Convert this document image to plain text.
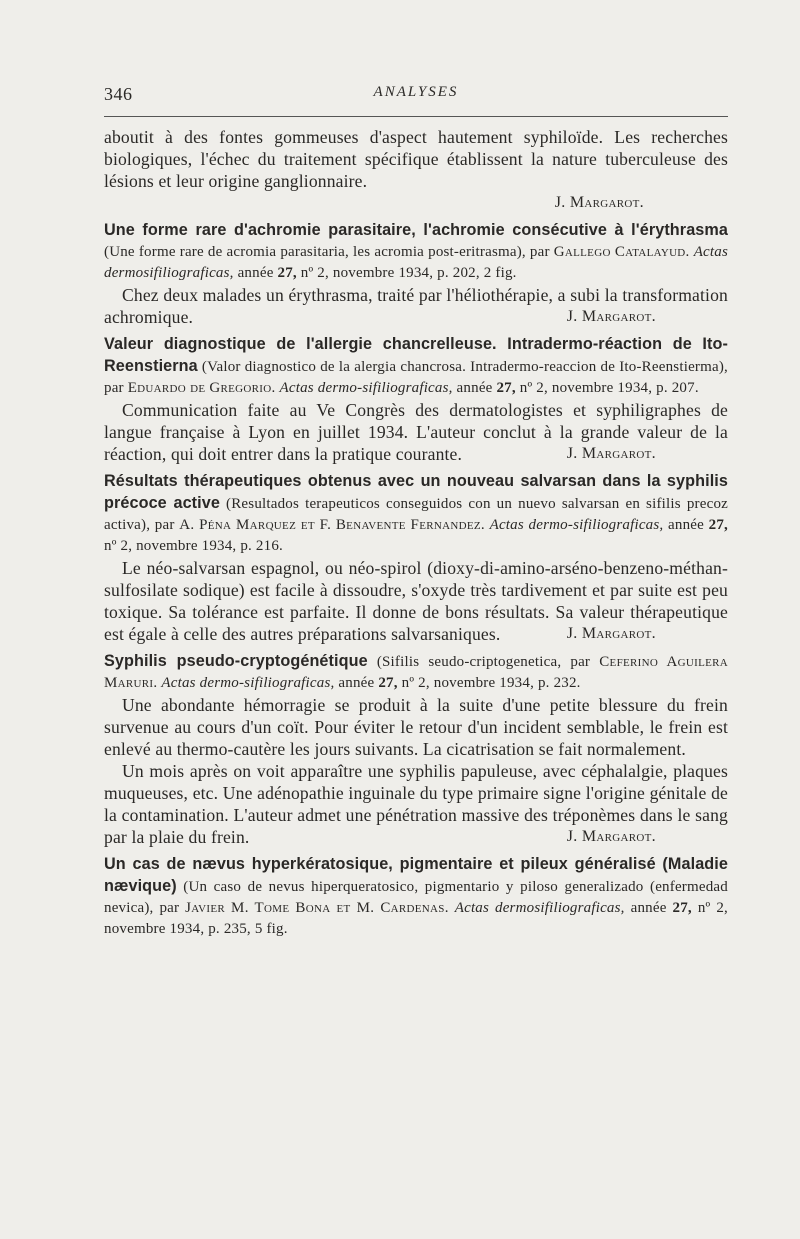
346	ANALYSES

aboutit à des fontes gommeuses d'aspect hautement syphiloïde. Les recherches biologiques, l'échec du traitement spécifique établissent la nature tuberculeuse des lésions et leur origine ganglionnaire.

J. Margarot.

Une forme rare d'achromie parasitaire, l'achromie consécutive à l'érythrasma (Une forme rare de acromia parasitaria, les acromia post-eritrasma), par Gallego Catalayud. Actas dermosifiliograficas, année 27, nº 2, novembre 1934, p. 202, 2 fig.

Chez deux malades un érythrasma, traité par l'héliothérapie, a subi la transformation achromique.	J. Margarot.

Valeur diagnostique de l'allergie chancrelleuse. Intradermo-réaction de Ito-Reenstierna (Valor diagnostico de la alergia chancrosa. Intradermo-reaccion de Ito-Reenstierma), par Eduardo de Gregorio. Actas dermo-sifiliograficas, année 27, nº 2, novembre 1934, p. 207.

Communication faite au Ve Congrès des dermatologistes et syphiligraphes de langue française à Lyon en juillet 1934. L'auteur conclut à la grande valeur de la réaction, qui doit entrer dans la pratique courante.	J. Margarot.

Résultats thérapeutiques obtenus avec un nouveau salvarsan dans la syphilis précoce active (Resultados terapeuticos conseguidos con un nuevo salvarsan en sifilis precoz activa), par A. Péna Marquez et F. Benavente Fernandez. Actas dermo-sifiliograficas, année 27, nº 2, novembre 1934, p. 216.

Le néo-salvarsan espagnol, ou néo-spirol (dioxy-di-amino-arséno-benzeno-méthan-sulfosilate sodique) est facile à dissoudre, s'oxyde très tardivement et par suite est peu toxique. Sa tolérance est parfaite. Il donne de bons résultats. Sa valeur thérapeutique est égale à celle des autres préparations salvarsaniques.	J. Margarot.

Syphilis pseudo-cryptogénétique (Sifilis seudo-criptogenetica, par Ceferino Aguilera Maruri. Actas dermo-sifiliograficas, année 27, nº 2, novembre 1934, p. 232.

Une abondante hémorragie se produit à la suite d'une petite blessure du frein survenue au cours d'un coït. Pour éviter le retour d'un incident semblable, le frein est enlevé au thermo-cautère les jours suivants. La cicatrisation se fait normalement.

Un mois après on voit apparaître une syphilis papuleuse, avec céphalalgie, plaques muqueuses, etc. Une adénopathie inguinale du type primaire signe l'origine génitale de la contamination. L'auteur admet une pénétration massive des tréponèmes dans le sang par la plaie du frein.	J. Margarot.

Un cas de nævus hyperkératosique, pigmentaire et pileux généralisé (Maladie nævique) (Un caso de nevus hiperqueratosico, pigmentario y piloso generalizado (enfermedad nevica), par Javier M. Tome Bona et M. Cardenas. Actas dermosifiliograficas, année 27, nº 2, novembre 1934, p. 235, 5 fig.
